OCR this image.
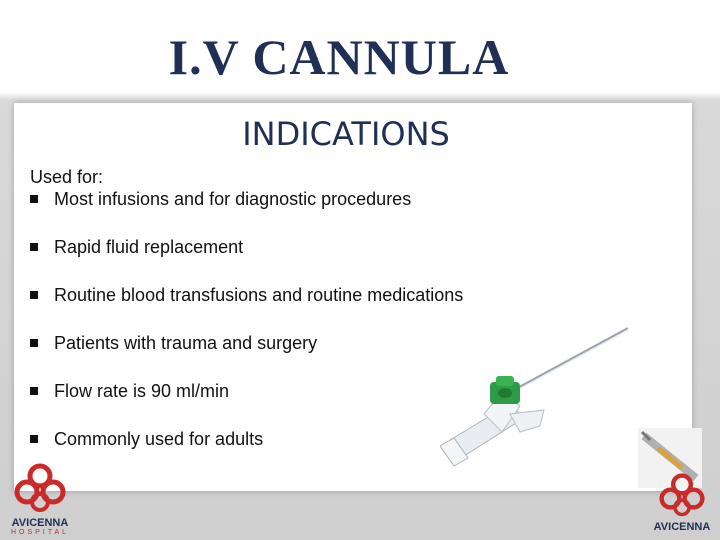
I.V CANNULA
INDICATIONS
Used for:
Most infusions and for diagnostic procedures
Rapid fluid replacement
Routine blood transfusions and routine medications
Patients with trauma and surgery
Flow rate is 90 ml/min
Commonly used for adults
AVICENNA
HOSPITAL	AVICENNA
